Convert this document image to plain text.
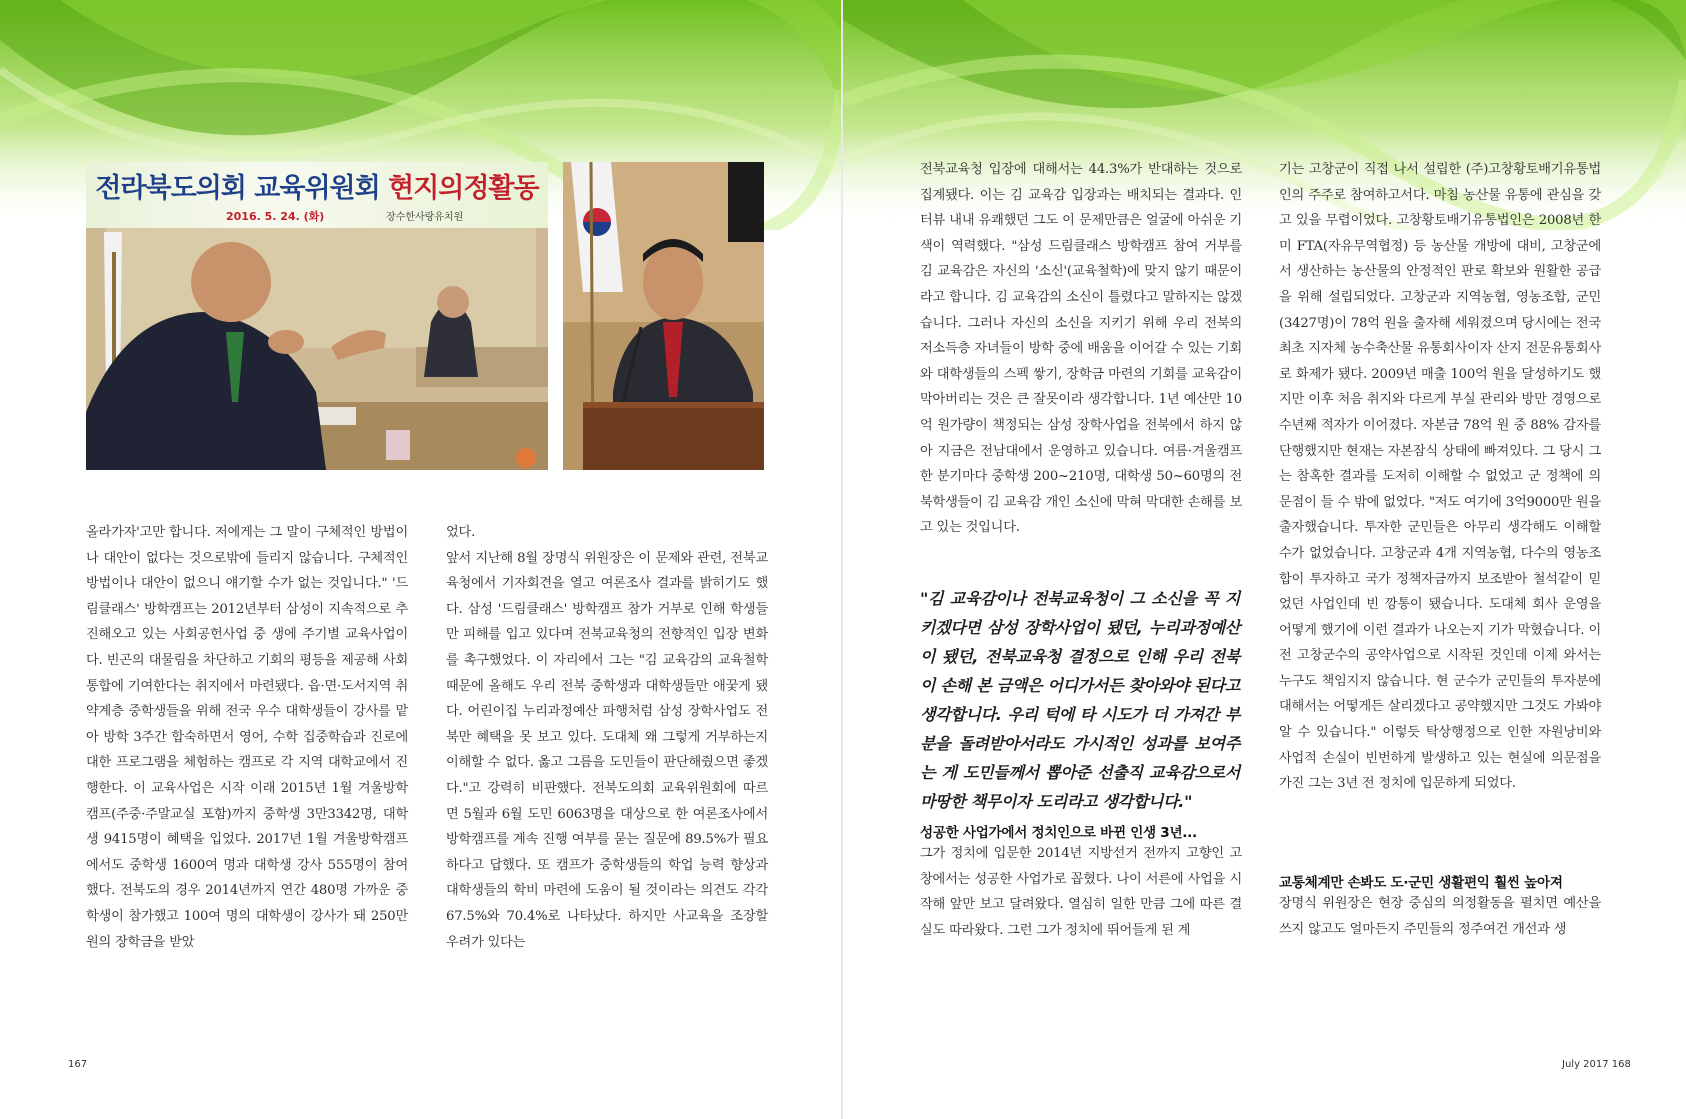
전라북도의회 교육위원회 현지의정활동
2016. 5. 24. (화)	장수한사랑유치원

올라가자'고만 합니다. 저에게는 그 말이 구체적인 방법이나 대안이 없다는 것으로밖에 들리지 않습니다. 구체적인 방법이나 대안이 없으니 얘기할 수가 없는 것입니다." '드림클래스' 방학캠프는 2012년부터 삼성이 지속적으로 추진해오고 있는 사회공헌사업 중 생에 주기별 교육사업이다. 빈곤의 대물림을 차단하고 기회의 평등을 제공해 사회통합에 기여한다는 취지에서 마련됐다. 읍·면·도서지역 취약계층 중학생들을 위해 전국 우수 대학생들이 강사를 맡아 방학 3주간 합숙하면서 영어, 수학 집중학습과 진로에 대한 프로그램을 체험하는 캠프로 각 지역 대학교에서 진행한다. 이 교육사업은 시작 이래 2015년 1월 겨울방학캠프(주중·주말교실 포함)까지 중학생 3만3342명, 대학생 9415명이 혜택을 입었다. 2017년 1월 겨울방학캠프에서도 중학생 1600여 명과 대학생 강사 555명이 참여했다. 전북도의 경우 2014년까지 연간 480명 가까운 중학생이 참가했고 100여 명의 대학생이 강사가 돼 250만 원의 장학금을 받았

었다.

앞서 지난해 8월 장명식 위원장은 이 문제와 관련, 전북교육청에서 기자회견을 열고 여론조사 결과를 밝히기도 했다. 삼성 '드림클래스' 방학캠프 참가 거부로 인해 학생들만 피해를 입고 있다며 전북교육청의 전향적인 입장 변화를 촉구했었다. 이 자리에서 그는 "김 교육감의 교육철학 때문에 올해도 우리 전북 중학생과 대학생들만 애꿎게 됐다. 어린이집 누리과정예산 파행처럼 삼성 장학사업도 전북만 혜택을 못 보고 있다. 도대체 왜 그렇게 거부하는지 이해할 수 없다. 옳고 그름을 도민들이 판단해줬으면 좋겠다."고 강력히 비판했다. 전북도의회 교육위원회에 따르면 5월과 6월 도민 6063명을 대상으로 한 여론조사에서 방학캠프를 계속 진행 여부를 묻는 질문에 89.5%가 필요하다고 답했다. 또 캠프가 중학생들의 학업 능력 향상과 대학생들의 학비 마련에 도움이 될 것이라는 의견도 각각 67.5%와 70.4%로 나타났다. 하지만 사교육을 조장할 우려가 있다는

전북교육청 입장에 대해서는 44.3%가 반대하는 것으로 집계됐다. 이는 김 교육감 입장과는 배치되는 결과다. 인터뷰 내내 유쾌했던 그도 이 문제만큼은 얼굴에 아쉬운 기색이 역력했다. "삼성 드림클래스 방학캠프 참여 거부를 김 교육감은 자신의 '소신'(교육철학)에 맞지 않기 때문이라고 합니다. 김 교육감의 소신이 틀렸다고 말하지는 않겠습니다. 그러나 자신의 소신을 지키기 위해 우리 전북의 저소득층 자녀들이 방학 중에 배움을 이어갈 수 있는 기회와 대학생들의 스펙 쌓기, 장학금 마련의 기회를 교육감이 막아버리는 것은 큰 잘못이라 생각합니다. 1년 예산만 10억 원가량이 책정되는 삼성 장학사업을 전북에서 하지 않아 지금은 전남대에서 운영하고 있습니다. 여름·겨울캠프 한 분기마다 중학생 200~210명, 대학생 50~60명의 전북학생들이 김 교육감 개인 소신에 막혀 막대한 손해를 보고 있는 것입니다.

"김 교육감이나 전북교육청이 그 소신을 꼭 지키겠다면 삼성 장학사업이 됐던, 누리과정예산이 됐던, 전북교육청 결정으로 인해 우리 전북이 손해 본 금액은 어디가서든 찾아와야 된다고 생각합니다. 우리 턱에 타 시도가 더 가져간 부분을 돌려받아서라도 가시적인 성과를 보여주는 게 도민들께서 뽑아준 선출직 교육감으로서 마땅한 책무이자 도리라고 생각합니다."
성공한 사업가에서 정치인으로 바뀐 인생 3년...

그가 정치에 입문한 2014년 지방선거 전까지 고향인 고창에서는 성공한 사업가로 꼽혔다. 나이 서른에 사업을 시작해 앞만 보고 달려왔다. 열심히 일한 만큼 그에 따른 결실도 따라왔다. 그런 그가 정치에 뛰어들게 된 계

기는 고창군이 직접 나서 설립한 (주)고창황토배기유통법인의 주주로 참여하고서다. 마침 농산물 유통에 관심을 갖고 있을 무렵이었다. 고창황토배기유통법인은 2008년 한미 FTA(자유무역협정) 등 농산물 개방에 대비, 고창군에서 생산하는 농산물의 안정적인 판로 확보와 원활한 공급을 위해 설립되었다. 고창군과 지역농협, 영농조합, 군민(3427명)이 78억 원을 출자해 세워졌으며 당시에는 전국 최초 지자체 농수축산물 유통회사이자 산지 전문유통회사로 화제가 됐다. 2009년 매출 100억 원을 달성하기도 했지만 이후 처음 취지와 다르게 부실 관리와 방만 경영으로 수년째 적자가 이어졌다. 자본금 78억 원 중 88% 감자를 단행했지만 현재는 자본잠식 상태에 빠져있다. 그 당시 그는 참혹한 결과를 도저히 이해할 수 없었고 군 정책에 의문점이 들 수 밖에 없었다. "저도 여기에 3억9000만 원을 출자했습니다. 투자한 군민들은 아무리 생각해도 이해할 수가 없었습니다. 고창군과 4개 지역농협, 다수의 영농조합이 투자하고 국가 정책자금까지 보조받아 철석같이 믿었던 사업인데 빈 깡통이 됐습니다. 도대체 회사 운영을 어떻게 했기에 이런 결과가 나오는지 기가 막혔습니다. 이전 고창군수의 공약사업으로 시작된 것인데 이제 와서는 누구도 책임지지 않습니다. 현 군수가 군민들의 투자분에 대해서는 어떻게든 살리겠다고 공약했지만 그것도 가봐야 알 수 있습니다." 이렇듯 탁상행정으로 인한 자원낭비와 사업적 손실이 빈번하게 발생하고 있는 현실에 의문점을 가진 그는 3년 전 정치에 입문하게 되었다.

교통체계만 손봐도 도·군민 생활편익 훨씬 높아져

장명식 위원장은 현장 중심의 의정활동을 펼치면 예산을 쓰지 않고도 얼마든지 주민들의 정주여건 개선과 생

167	July 2017 168
